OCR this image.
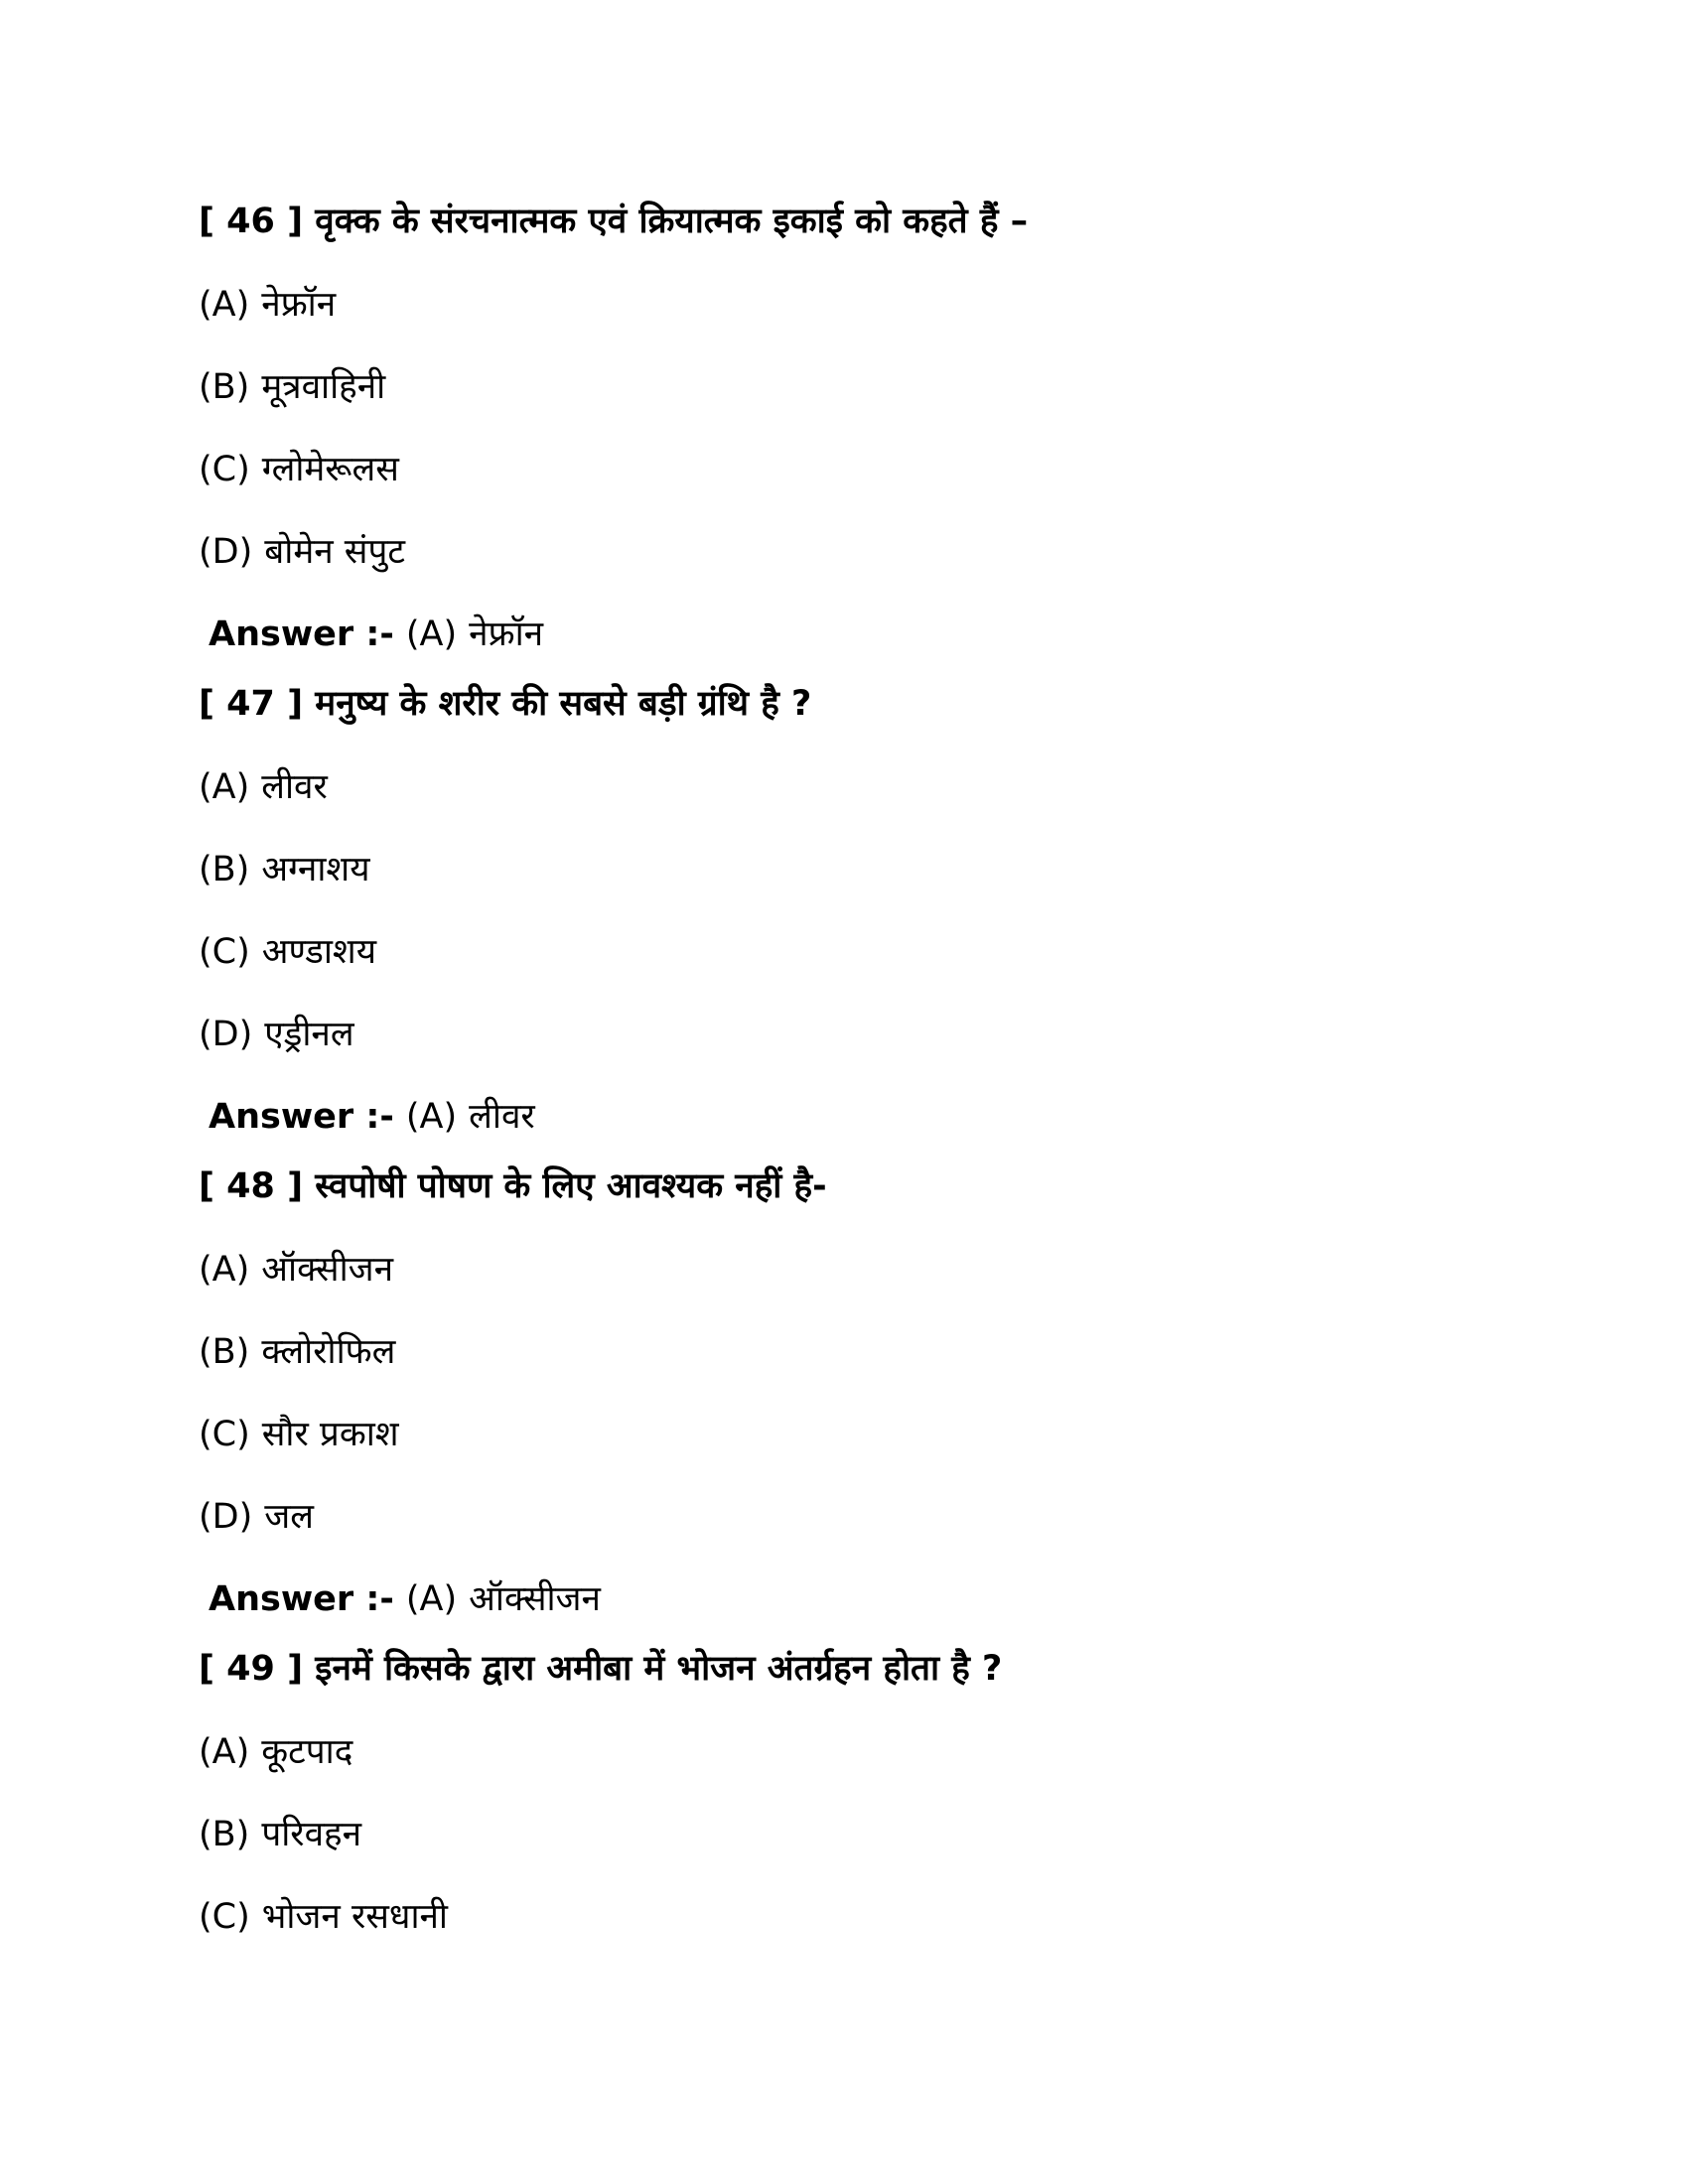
[ 46 ] वृक्क के संरचनात्मक एवं क्रियात्मक इकाई को कहते हैं –
(A) नेफ्रॉन
(B) मूत्रवाहिनी
(C) ग्लोमेरूलस
(D) बोमेन संपुट
Answer :- (A) नेफ्रॉन
[ 47 ] मनुष्य के शरीर की सबसे बड़ी ग्रंथि है ?
(A) लीवर
(B) अग्नाशय
(C) अण्डाशय
(D) एड्रीनल
Answer :- (A) लीवर
[ 48 ] स्वपोषी पोषण के लिए आवश्यक नहीं है-
(A) ऑक्सीजन
(B) क्लोरोफिल
(C) सौर प्रकाश
(D) जल
Answer :- (A) ऑक्सीजन
[ 49 ] इनमें किसके द्वारा अमीबा में भोजन अंतर्ग्रहन होता है ?
(A) कूटपाद
(B) परिवहन
(C) भोजन रसधानी
